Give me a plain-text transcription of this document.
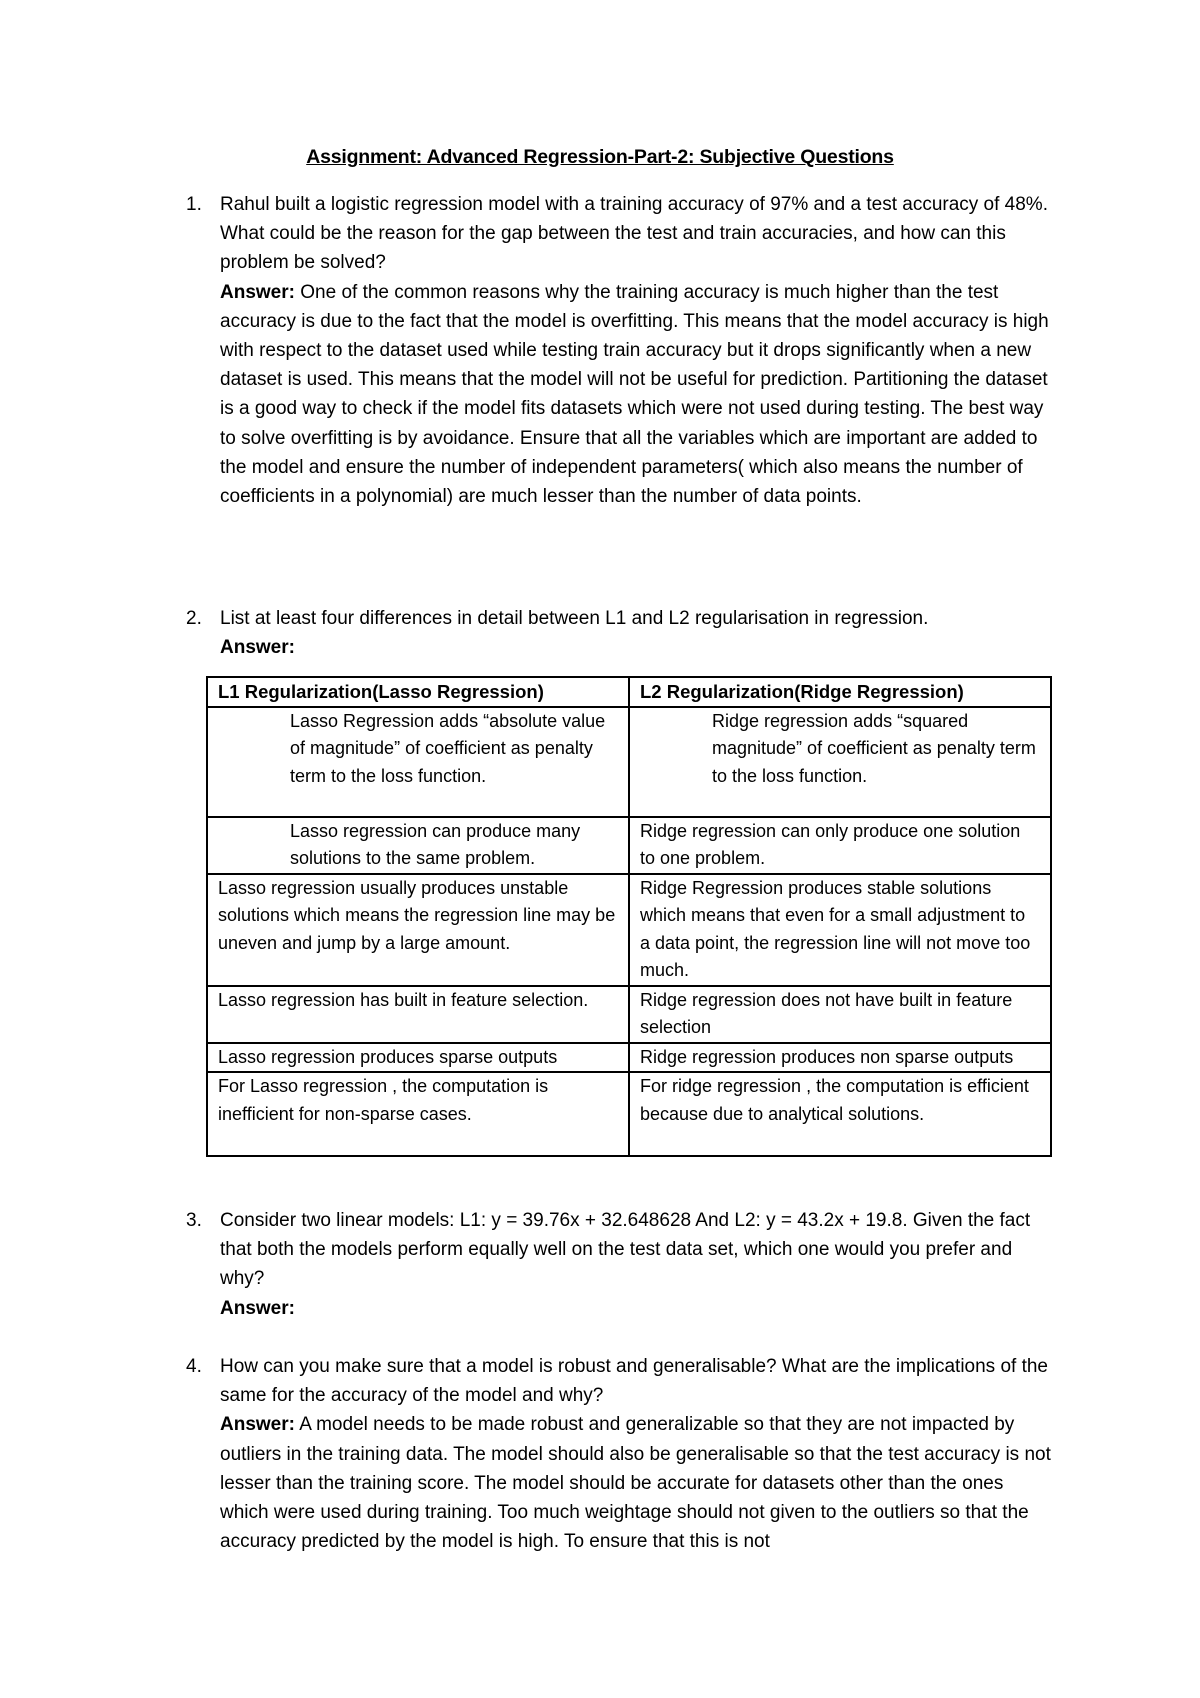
Assignment: Advanced Regression-Part-2: Subjective Questions
1. Rahul built a logistic regression model with a training accuracy of 97% and a test accuracy of 48%. What could be the reason for the gap between the test and train accuracies, and how can this problem be solved?

Answer: One of the common reasons why the training accuracy is much higher than the test accuracy is due to the fact that the model is overfitting. This means that the model accuracy is high with respect to the dataset used while testing train accuracy but it drops significantly when a new dataset is used. This means that the model will not be useful for prediction. Partitioning the dataset is a good way to check if the model fits datasets which were not used during testing. The best way to solve overfitting is by avoidance. Ensure that all the variables which are important are added to the model and ensure the number of independent parameters( which also means the number of coefficients in a polynomial) are much lesser than the number of data points.

2. List at least four differences in detail between L1 and L2 regularisation in regression.

Answer:

L1 Regularization(Lasso Regression)	L2 Regularization(Ridge Regression)
Lasso Regression adds “absolute value of magnitude” of coefficient as penalty term to the loss function.	Ridge regression adds “squared magnitude” of coefficient as penalty term to the loss function.
Lasso regression can produce many solutions to the same problem.	Ridge regression can only produce one solution to one problem.
Lasso regression usually produces unstable solutions which means the regression line may be uneven and jump by a large amount.	Ridge Regression produces stable solutions which means that even for a small adjustment to a data point, the regression line will not move too much.
Lasso regression has built in feature selection.	Ridge regression does not have built in feature selection
Lasso regression produces sparse outputs	Ridge regression produces non sparse outputs
For Lasso regression , the computation is inefficient for non-sparse cases.	For ridge regression , the computation is efficient because due to analytical solutions.
3. Consider two linear models: L1: y = 39.76x + 32.648628 And L2: y = 43.2x + 19.8. Given the fact that both the models perform equally well on the test data set, which one would you prefer and why?

Answer:

4. How can you make sure that a model is robust and generalisable? What are the implications of the same for the accuracy of the model and why?

Answer: A model needs to be made robust and generalizable so that they are not impacted by outliers in the training data. The model should also be generalisable so that the test accuracy is not lesser than the training score. The model should be accurate for datasets other than the ones which were used during training. Too much weightage should not given to the outliers so that the accuracy predicted by the model is high. To ensure that this is not
